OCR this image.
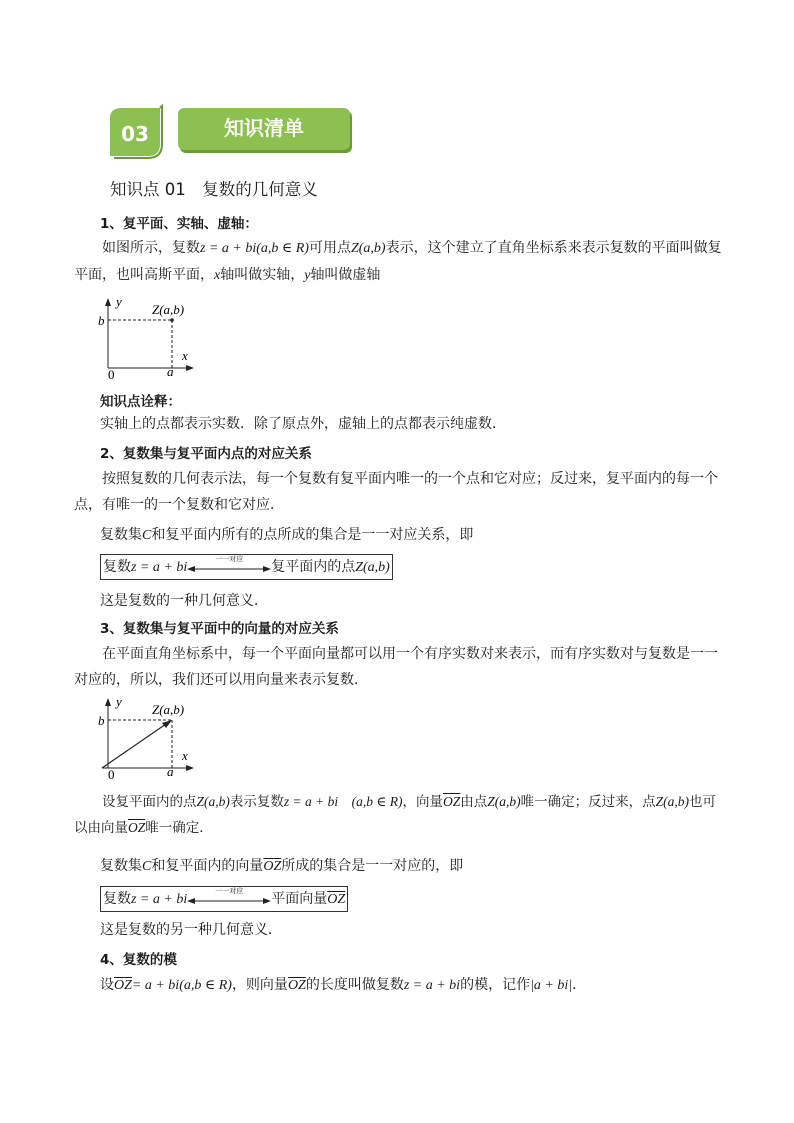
03	知识清单
知识点 01　复数的几何意义
1、复平面、实轴、虚轴：
如图所示，复数z = a + bi(a,b ∈ R)可用点Z(a,b)表示，这个建立了直角坐标系来表示复数的平面叫做复平面，也叫高斯平面，x轴叫做实轴，y轴叫做虚轴
y
b
Z(a,b)
x
0	a
知识点诠释：
实轴上的点都表示实数．除了原点外，虚轴上的点都表示纯虚数．
2、复数集与复平面内点的对应关系
按照复数的几何表示法，每一个复数有复平面内唯一的一个点和它对应；反过来，复平面内的每一个点，有唯一的一个复数和它对应．
复数集C和复平面内所有的点所成的集合是一一对应关系，即
复数z = a + bi
一一对应	复平面内的点Z(a,b)
这是复数的一种几何意义．
3、复数集与复平面中的向量的对应关系
在平面直角坐标系中，每一个平面向量都可以用一个有序实数对来表示，而有序实数对与复数是一一对应的，所以，我们还可以用向量来表示复数．
y
b
Z(a,b)
x
0	a
设复平面内的点Z(a,b)表示复数z = a + bi　(a,b ∈ R)，向量$\overline{OZ}$由点Z(a,b)唯一确定；反过来，点Z(a,b)也可以由向量$\overline{OZ}$唯一确定．
复数集C和复平面内的向量$\overline{OZ}$所成的集合是一一对应的，即
复数z = a + bi
一一对应	平面向量$\overline{OZ}$
这是复数的另一种几何意义．
4、复数的模
设$\overline{OZ}= a + bi(a,b$ ∈ R)，则向量$\overline{OZ}$的长度叫做复数z = a + bi的模，记作|a + bi|．
